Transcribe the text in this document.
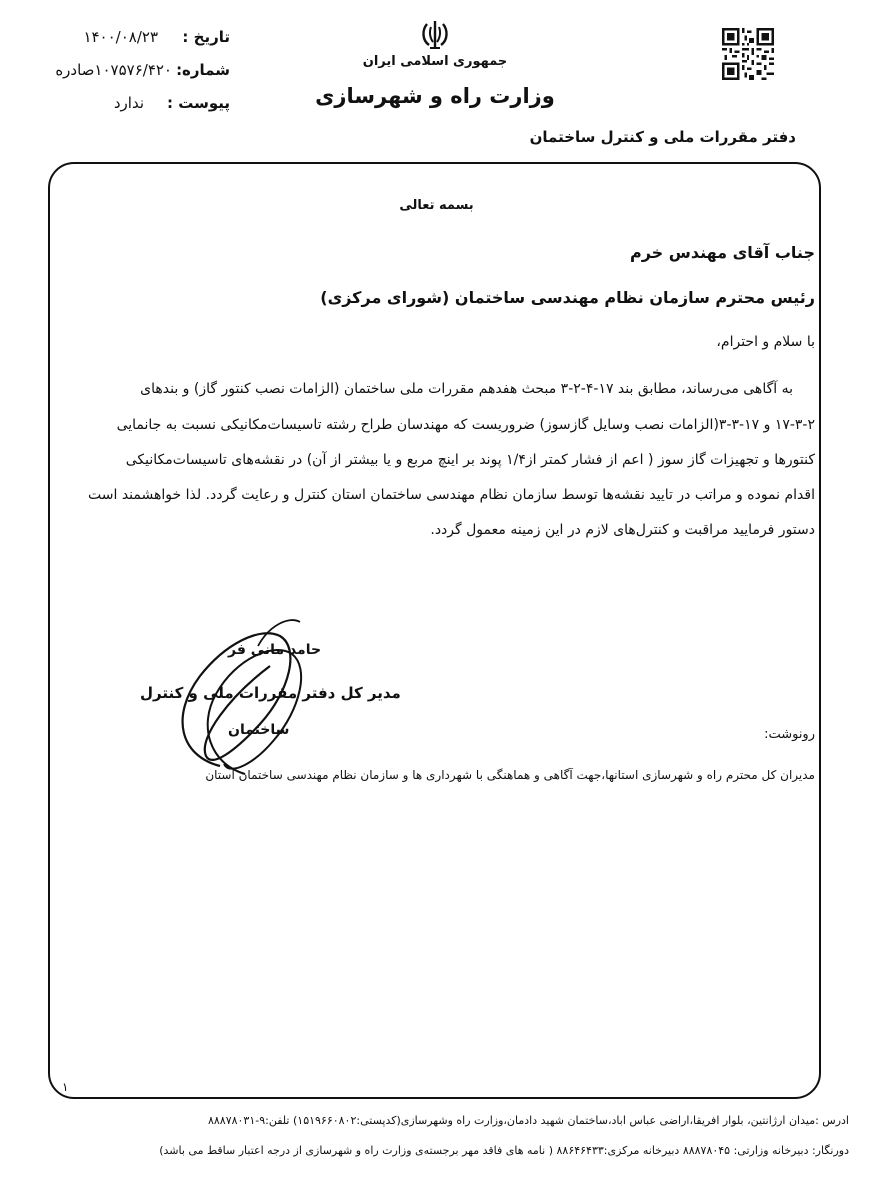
تاریخ :
۱۴۰۰/۰۸/۲۳
شماره:
۱۰۷۵۷۶/۴۲۰صادره
پیوست :
ندارد
جمهوری اسلامی ایران
وزارت راه و شهرسازی
دفتر مقررات ملی و کنترل ساختمان
بسمه تعالی
جناب آقای مهندس خرم
رئیس محترم سازمان نظام مهندسی ساختمان (شورای مرکزی)
با سلام و احترام،
به آگاهی می‌رساند، مطابق بند ۱۷-۴-۲-۳ مبحث هفدهم مقررات ملی ساختمان (الزامات نصب کنتور گاز) و بندهای
۱۷-۳-۲ و ۱۷-۳-۳(الزامات نصب وسایل گازسوز) ضروریست که مهندسان طراح رشته تاسیسات‌مکانیکی نسبت به جانمایی
کنتورها و تجهیزات گاز سوز ( اعم از فشار کمتر از۱/۴ پوند بر اینچ مربع و یا بیشتر از آن) در نقشه‌های تاسیسات‌مکانیکی
اقدام نموده و مراتب در تایید نقشه‌ها توسط سازمان نظام مهندسی ساختمان استان کنترل و رعایت گردد. لذا خواهشمند است
دستور فرمایید مراقبت و کنترل‌های لازم در این زمینه معمول گردد.
حامد مانی فر
مدیر کل دفتر مقررات ملی و کنترل
ساختمان	رونوشت:
مدیران کل محترم راه و شهرسازی استانها،جهت آگاهی و هماهنگی با شهرداری ها و سازمان نظام مهندسی ساختمان استان
۱
ادرس :میدان ارژانتین، بلوار افریقا،اراضی عباس اباد،ساختمان شهید دادمان،وزارت راه وشهرسازی(کدپستی:۱۵۱۹۶۶۰۸۰۲) تلفن:۹-۸۸۸۷۸۰۳۱
دورنگار: دبیرخانه وزارتی: ۸۸۸۷۸۰۴۵ دبیرخانه مرکزی:۸۸۶۴۶۴۳۳ ( نامه های فاقد مهر برجسته‌ی وزارت راه و شهرسازی از درجه اعتبار ساقط می باشد)
